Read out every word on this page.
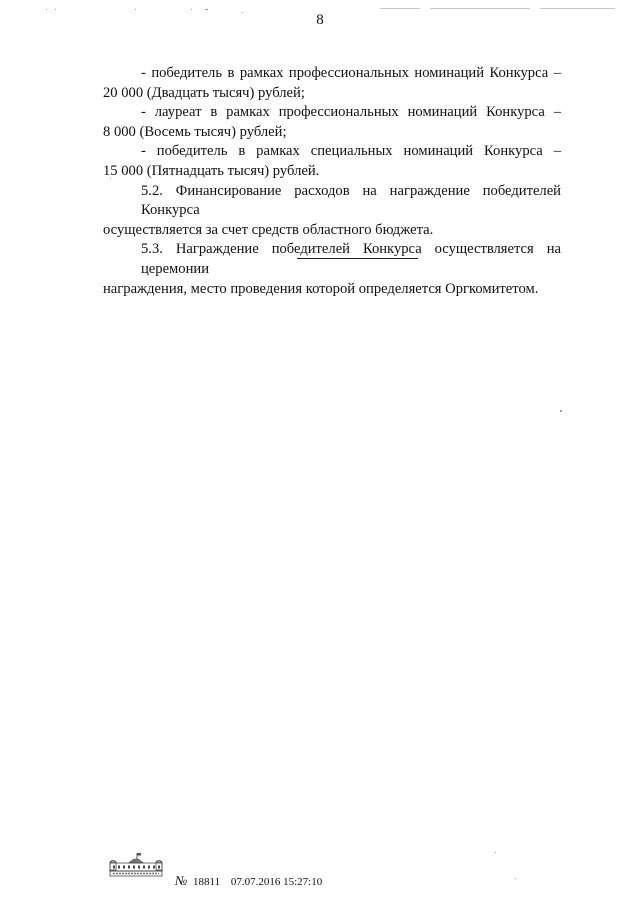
8

- победитель в рамках профессиональных номинаций Конкурса –
20 000 (Двадцать тысяч) рублей;

- лауреат в рамках профессиональных номинаций Конкурса –
8 000 (Восемь тысяч) рублей;

- победитель в рамках специальных номинаций Конкурса –
15 000 (Пятнадцать тысяч) рублей.

5.2. Финансирование расходов на награждение победителей Конкурса
осуществляется за счет средств областного бюджета.

5.3. Награждение победителей Конкурса осуществляется на церемонии
награждения, место проведения которой определяется Оргкомитетом.

№ 18811 07.07.2016 15:27:10
